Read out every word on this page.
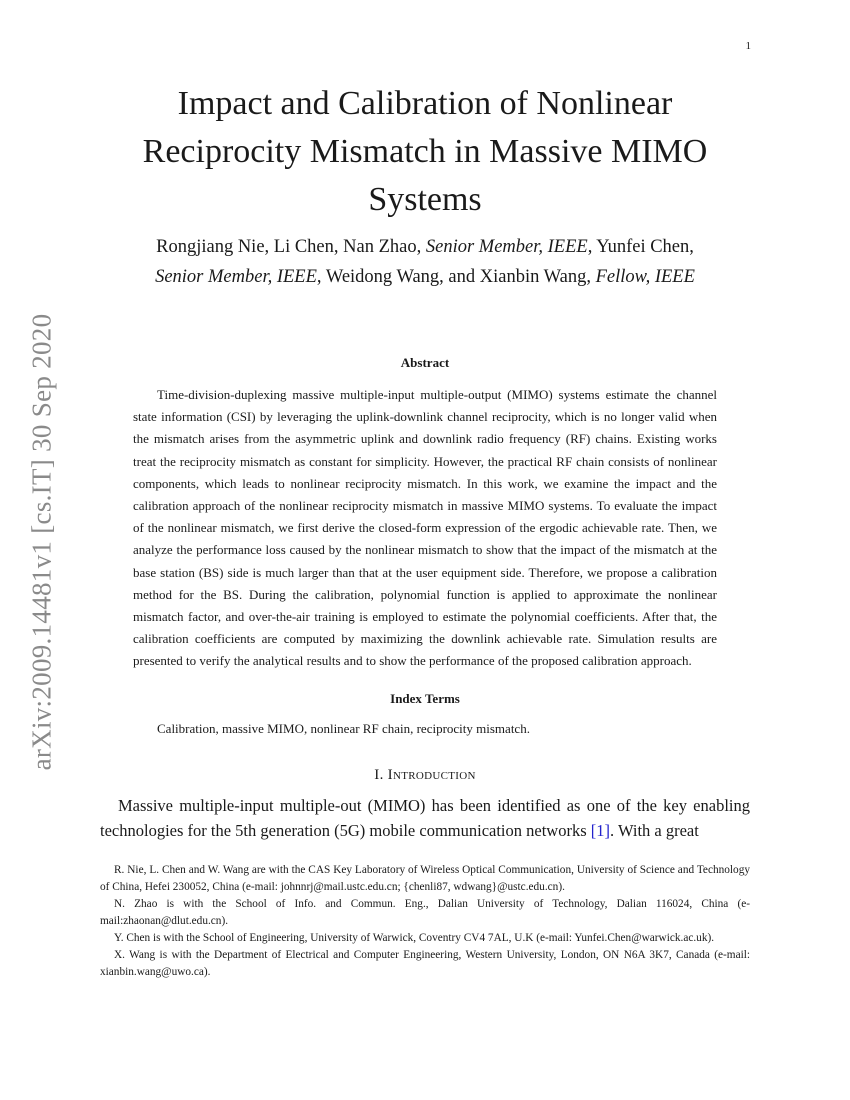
1
arXiv:2009.14481v1 [cs.IT] 30 Sep 2020
Impact and Calibration of Nonlinear
Reciprocity Mismatch in Massive MIMO
Systems
Rongjiang Nie, Li Chen, Nan Zhao, Senior Member, IEEE, Yunfei Chen,
Senior Member, IEEE, Weidong Wang, and Xianbin Wang, Fellow, IEEE
Abstract

Time-division-duplexing massive multiple-input multiple-output (MIMO) systems estimate the channel state information (CSI) by leveraging the uplink-downlink channel reciprocity, which is no longer valid when the mismatch arises from the asymmetric uplink and downlink radio frequency (RF) chains. Existing works treat the reciprocity mismatch as constant for simplicity. However, the practical RF chain consists of nonlinear components, which leads to nonlinear reciprocity mismatch. In this work, we examine the impact and the calibration approach of the nonlinear reciprocity mismatch in massive MIMO systems. To evaluate the impact of the nonlinear mismatch, we first derive the closed-form expression of the ergodic achievable rate. Then, we analyze the performance loss caused by the nonlinear mismatch to show that the impact of the mismatch at the base station (BS) side is much larger than that at the user equipment side. Therefore, we propose a calibration method for the BS. During the calibration, polynomial function is applied to approximate the nonlinear mismatch factor, and over-the-air training is employed to estimate the polynomial coefficients. After that, the calibration coefficients are computed by maximizing the downlink achievable rate. Simulation results are presented to verify the analytical results and to show the performance of the proposed calibration approach.

Index Terms
Calibration, massive MIMO, nonlinear RF chain, reciprocity mismatch.
I. Introduction

Massive multiple-input multiple-out (MIMO) has been identified as one of the key enabling technologies for the 5th generation (5G) mobile communication networks [1]. With a great

R. Nie, L. Chen and W. Wang are with the CAS Key Laboratory of Wireless Optical Communication, University of Science and Technology of China, Hefei 230052, China (e-mail: johnnrj@mail.ustc.edu.cn; {chenli87, wdwang}@ustc.edu.cn).

N. Zhao is with the School of Info. and Commun. Eng., Dalian University of Technology, Dalian 116024, China (e-mail:zhaonan@dlut.edu.cn).

Y. Chen is with the School of Engineering, University of Warwick, Coventry CV4 7AL, U.K (e-mail: Yunfei.Chen@warwick.ac.uk).

X. Wang is with the Department of Electrical and Computer Engineering, Western University, London, ON N6A 3K7, Canada (e-mail: xianbin.wang@uwo.ca).
